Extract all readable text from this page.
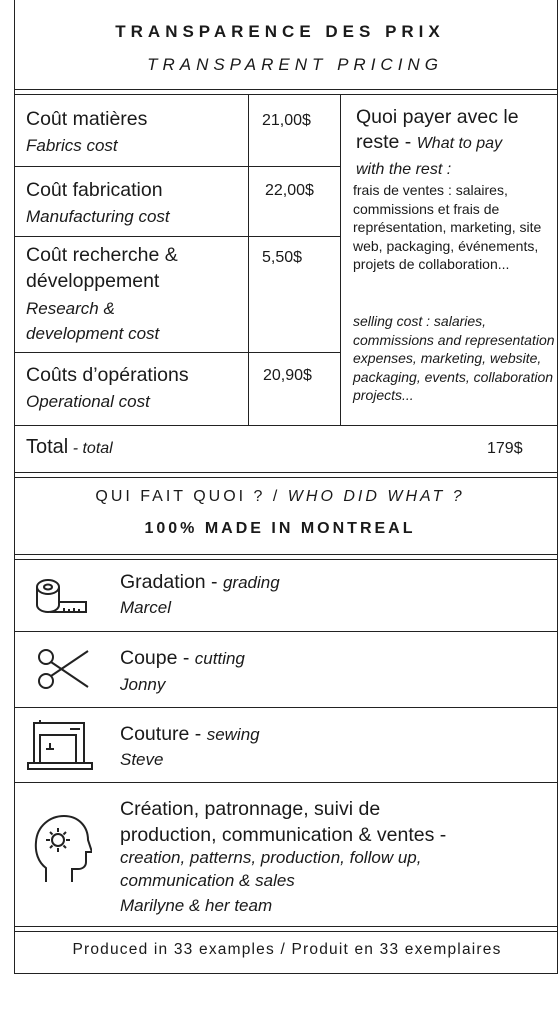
TRANSPARENCE DES PRIX
TRANSPARENT PRICING
Coût matières
Fabrics cost
21,00$
Coût fabrication
Manufacturing cost
22,00$
Coût recherche &
développement
Research &
development cost
5,50$
Coûts d’opérations
Operational cost
20,90$
Quoi payer avec le
reste - What to pay
with the rest :
frais de ventes : salaires, commissions et frais de représentation, marketing, site web, packaging, événements, projets de collaboration...
selling cost : salaries, commissions and representation expenses, marketing, website, packaging, events, collaboration projects...
Total - total	179$
QUI FAIT QUOI ? / WHO DID WHAT ?
100% MADE IN MONTREAL
Gradation - grading
Marcel
Coupe - cutting
Jonny
Couture - sewing
Steve
Création, patronnage, suivi de
production, communication & ventes -
creation, patterns, production, follow up,
communication & sales
Marilyne & her team
Produced in 33 examples / Produit en 33 exemplaires
